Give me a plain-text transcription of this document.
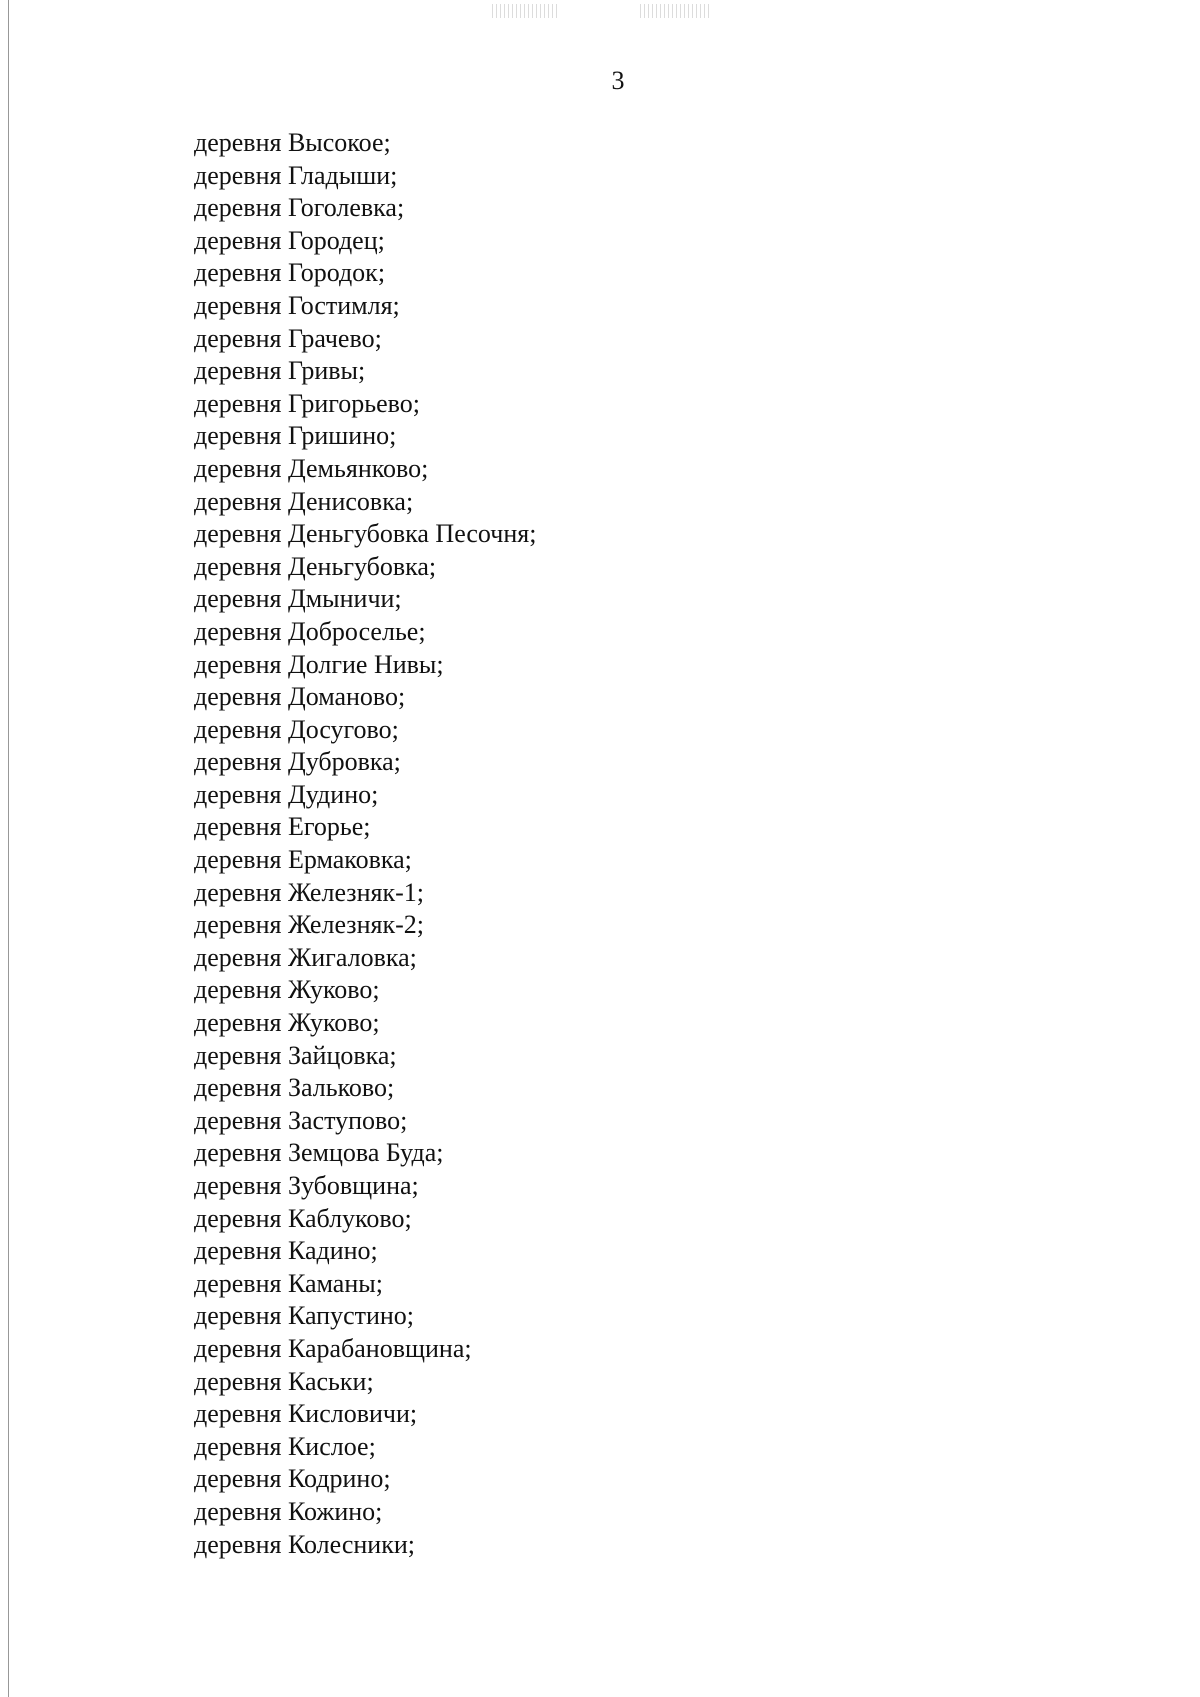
3
деревня Высокое;
деревня Гладыши;
деревня Гоголевка;
деревня Городец;
деревня Городок;
деревня Гостимля;
деревня Грачево;
деревня Гривы;
деревня Григорьево;
деревня Гришино;
деревня Демьянково;
деревня Денисовка;
деревня Деньгубовка Песочня;
деревня Деньгубовка;
деревня Дмыничи;
деревня Доброселье;
деревня Долгие Нивы;
деревня Доманово;
деревня Досугово;
деревня Дубровка;
деревня Дудино;
деревня Егорье;
деревня Ермаковка;
деревня Железняк-1;
деревня Железняк-2;
деревня Жигаловка;
деревня Жуково;
деревня Жуково;
деревня Зайцовка;
деревня Зальково;
деревня Заступово;
деревня Земцова Буда;
деревня Зубовщина;
деревня Каблуково;
деревня Кадино;
деревня Каманы;
деревня Капустино;
деревня Карабановщина;
деревня Каськи;
деревня Кисловичи;
деревня Кислое;
деревня Кодрино;
деревня Кожино;
деревня Колесники;
